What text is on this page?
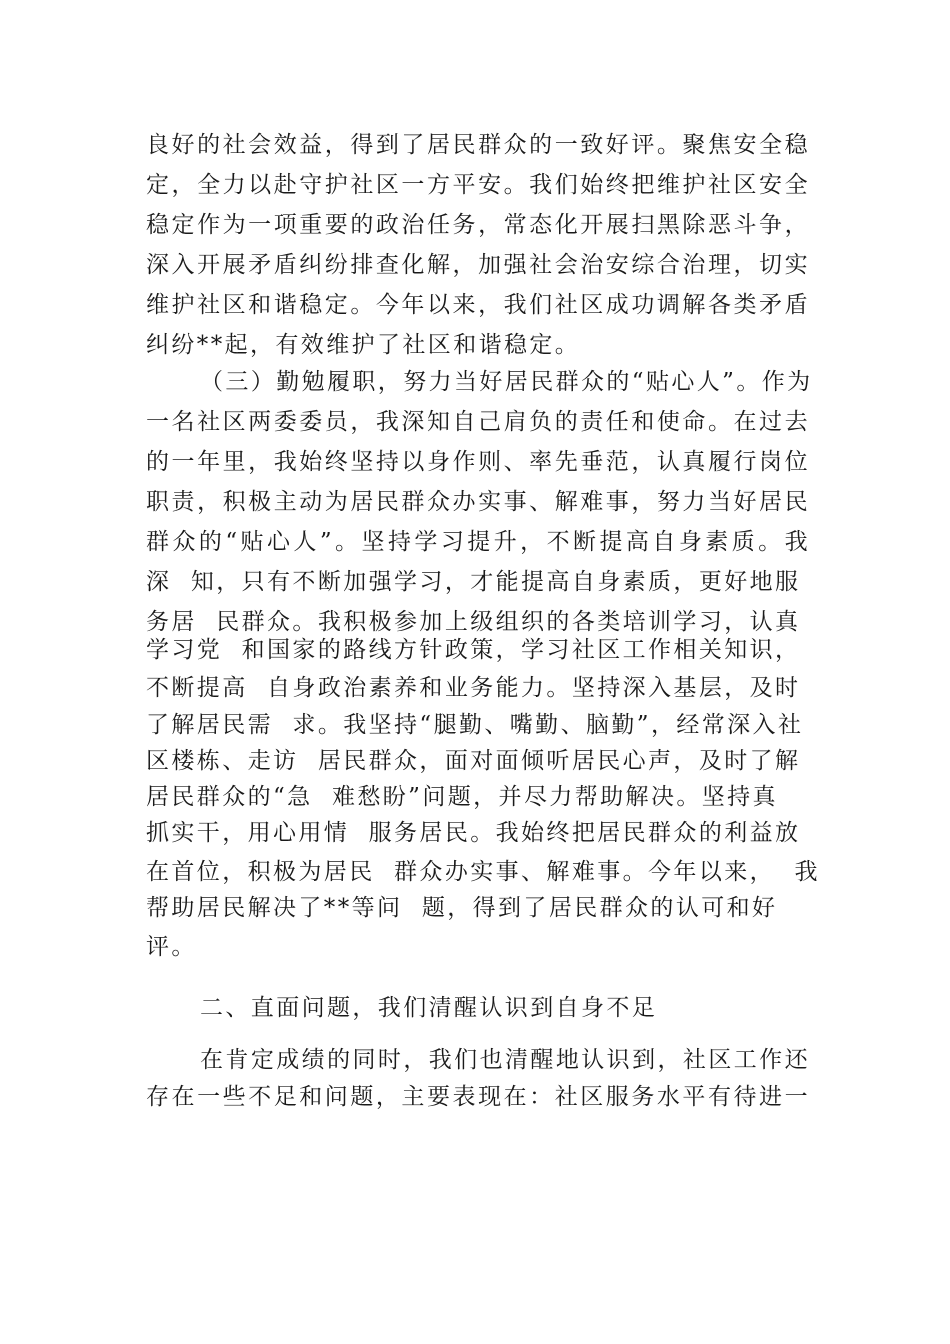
良好的社会效益，得到了居民群众的一致好评。聚焦安全稳
定，全力以赴守护社区一方平安。我们始终把维护社区安全
稳定作为一项重要的政治任务，常态化开展扫黑除恶斗争，
深入开展矛盾纠纷排查化解，加强社会治安综合治理，切实
维护社区和谐稳定。今年以来，我们社区成功调解各类矛盾
纠纷**起，有效维护了社区和谐稳定。
（三）勤勉履职，努力当好居民群众的“贴心人”。作为
一名社区两委委员，我深知自己肩负的责任和使命。在过去
的一年里，我始终坚持以身作则、率先垂范，认真履行岗位
职责，积极主动为居民群众办实事、解难事，努力当好居民
群众的“贴心人”。坚持学习提升，不断提高自身素质。我
深  知，只有不断加强学习，才能提高自身素质，更好地服
务居  民群众。我积极参加上级组织的各类培训学习，认真
学习党  和国家的路线方针政策，学习社区工作相关知识，
不断提高  自身政治素养和业务能力。坚持深入基层，及时
了解居民需  求。我坚持“腿勤、嘴勤、脑勤”，经常深入社
区楼栋、走访  居民群众，面对面倾听居民心声，及时了解
居民群众的“急  难愁盼”问题，并尽力帮助解决。坚持真
抓实干，用心用情  服务居民。我始终把居民群众的利益放
在首位，积极为居民  群众办实事、解难事。今年以来，  我
帮助居民解决了**等问  题，得到了居民群众的认可和好
评。
二、直面问题，我们清醒认识到自身不足
在肯定成绩的同时，我们也清醒地认识到，社区工作还
存在一些不足和问题，主要表现在：社区服务水平有待进一
